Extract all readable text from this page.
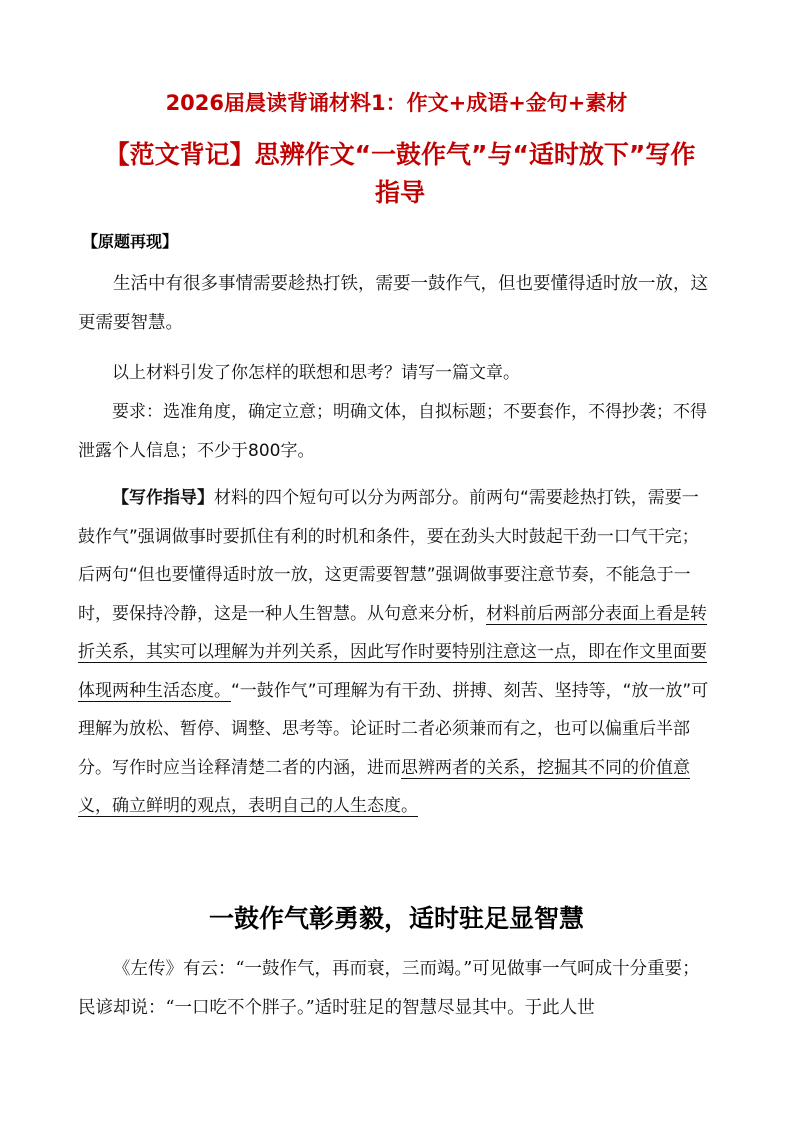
2026届晨读背诵材料1：作文+成语+金句+素材
【范文背记】思辨作文“一鼓作气”与“适时放下”写作指导
【原题再现】

生活中有很多事情需要趁热打铁，需要一鼓作气，但也要懂得适时放一放，这更需要智慧。

以上材料引发了你怎样的联想和思考？请写一篇文章。

要求：选准角度，确定立意；明确文体，自拟标题；不要套作，不得抄袭；不得泄露个人信息；不少于800字。

【写作指导】材料的四个短句可以分为两部分。前两句“需要趁热打铁，需要一鼓作气”强调做事时要抓住有利的时机和条件，要在劲头大时鼓起干劲一口气干完；后两句“但也要懂得适时放一放，这更需要智慧”强调做事要注意节奏，不能急于一时，要保持冷静，这是一种人生智慧。从句意来分析，材料前后两部分表面上看是转折关系，其实可以理解为并列关系，因此写作时要特别注意这一点，即在作文里面要体现两种生活态度。“一鼓作气”可理解为有干劲、拼搏、刻苦、坚持等，“放一放”可理解为放松、暂停、调整、思考等。论证时二者必须兼而有之，也可以偏重后半部分。写作时应当诠释清楚二者的内涵，进而思辨两者的关系，挖掘其不同的价值意义，确立鲜明的观点，表明自己的人生态度。

一鼓作气彰勇毅，适时驻足显智慧

《左传》有云：“一鼓作气，再而衰，三而竭。”可见做事一气呵成十分重要；民谚却说：“一口吃不个胖子。”适时驻足的智慧尽显其中。于此人世
